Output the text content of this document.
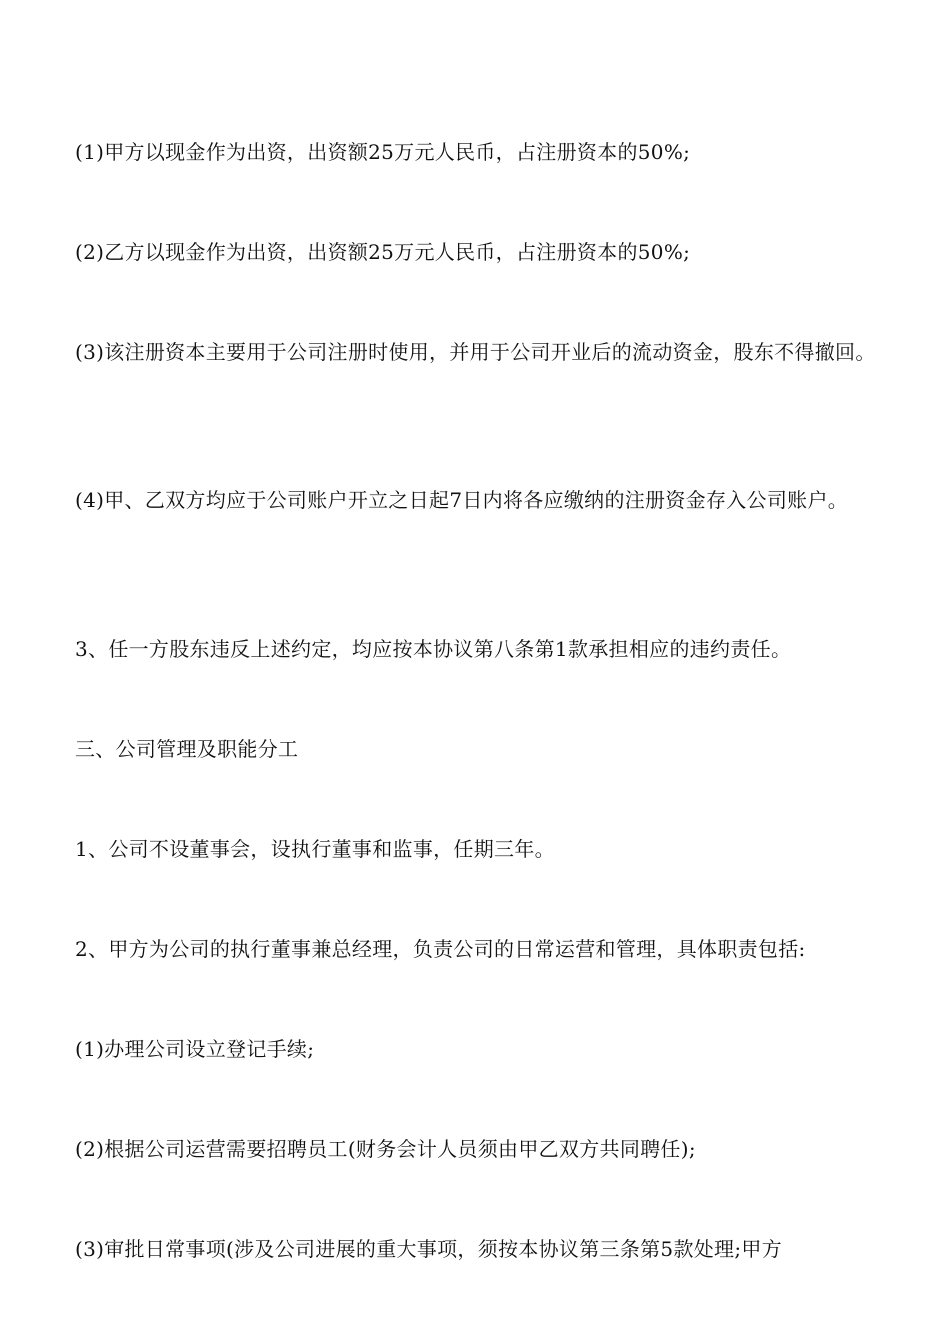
(1)甲方以现金作为出资，出资额25万元人民币，占注册资本的50%;
(2)乙方以现金作为出资，出资额25万元人民币，占注册资本的50%;
(3)该注册资本主要用于公司注册时使用，并用于公司开业后的流动资金，股东不得撤回。
(4)甲、乙双方均应于公司账户开立之日起7日内将各应缴纳的注册资金存入公司账户。
3、任一方股东违反上述约定，均应按本协议第八条第1款承担相应的违约责任。
三、公司管理及职能分工
1、公司不设董事会，设执行董事和监事，任期三年。
2、甲方为公司的执行董事兼总经理，负责公司的日常运营和管理，具体职责包括:
(1)办理公司设立登记手续;
(2)根据公司运营需要招聘员工(财务会计人员须由甲乙双方共同聘任);
(3)审批日常事项(涉及公司进展的重大事项，须按本协议第三条第5款处理;甲方
